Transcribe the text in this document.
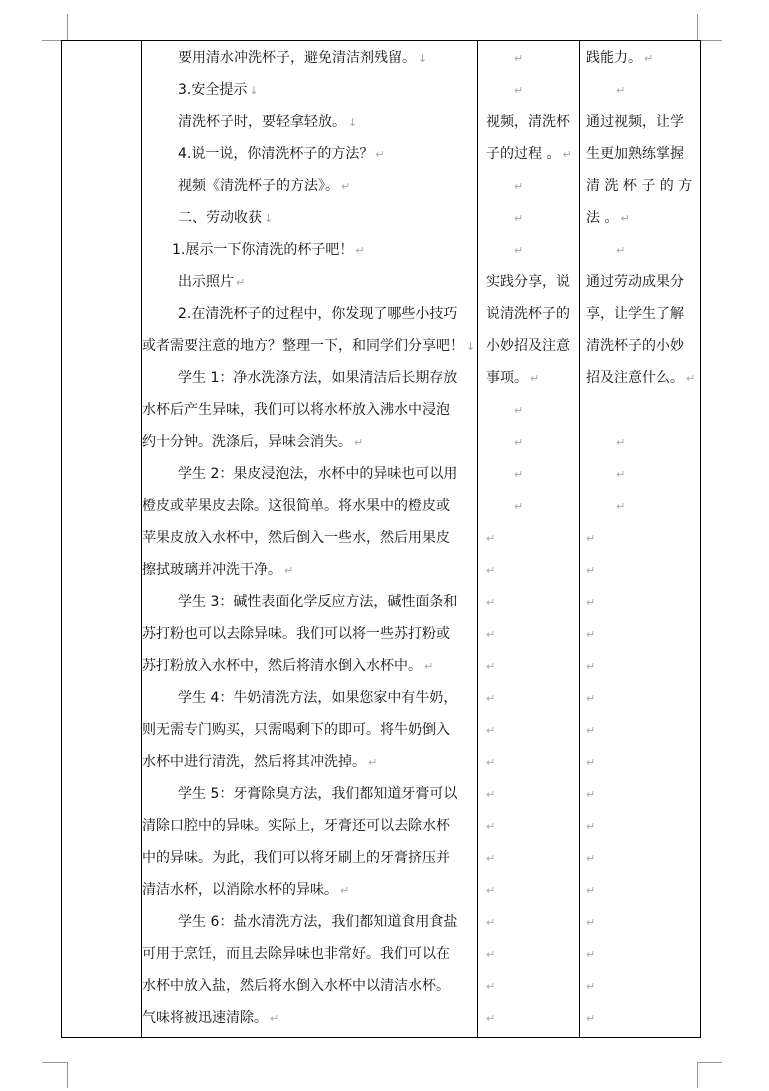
要用清水冲洗杯子，避免清洁剂残留。 ↓
3.安全提示 ↓
清洗杯子时，要轻拿轻放。 ↓
4.说一说，你清洗杯子的方法？ ↵
视频《清洗杯子的方法》。 ↵
二、劳动收获 ↓
1.展示一下你清洗的杯子吧！ ↵
出示照片 ↵
2.在清洗杯子的过程中，你发现了哪些小技巧
或者需要注意的地方？整理一下，和同学们分享吧！ ↓
学生 1：净水洗涤方法，如果清洁后长期存放
水杯后产生异味，我们可以将水杯放入沸水中浸泡
约十分钟。洗涤后，异味会消失。 ↵
学生 2：果皮浸泡法，水杯中的异味也可以用
橙皮或苹果皮去除。这很简单。将水果中的橙皮或
苹果皮放入水杯中，然后倒入一些水，然后用果皮
擦拭玻璃并冲洗干净。 ↵
学生 3：碱性表面化学反应方法，碱性面条和
苏打粉也可以去除异味。我们可以将一些苏打粉或
苏打粉放入水杯中，然后将清水倒入水杯中。 ↵
学生 4：牛奶清洗方法，如果您家中有牛奶，
则无需专门购买，只需喝剩下的即可。将牛奶倒入
水杯中进行清洗，然后将其冲洗掉。 ↵
学生 5：牙膏除臭方法，我们都知道牙膏可以
清除口腔中的异味。实际上，牙膏还可以去除水杯
中的异味。为此，我们可以将牙刷上的牙膏挤压并
清洁水杯，以消除水杯的异味。 ↵
学生 6：盐水清洗方法，我们都知道食用食盐
可用于烹饪，而且去除异味也非常好。我们可以在
水杯中放入盐，然后将水倒入水杯中以清洁水杯。
气味将被迅速清除。 ↵
↵
↵
视频，清洗杯
子的过程 。 ↵
↵
↵
↵
实践分享，说
说清洗杯子的
小妙招及注意
事项。 ↵
↵
↵
↵
↵
↵
↵
↵
↵
↵
↵
↵
↵
↵
↵
↵
↵
↵
↵
↵
↵
践能力。 ↵
↵
通过视频，让学
生更加熟练掌握
清 洗 杯 子 的 方
法 。 ↵
↵
通过劳动成果分
享，让学生了解
清洗杯子的小妙
招及注意什么。 ↵
↵
↵
↵
↵
↵
↵
↵
↵
↵
↵
↵
↵
↵
↵
↵
↵
↵
↵
↵
